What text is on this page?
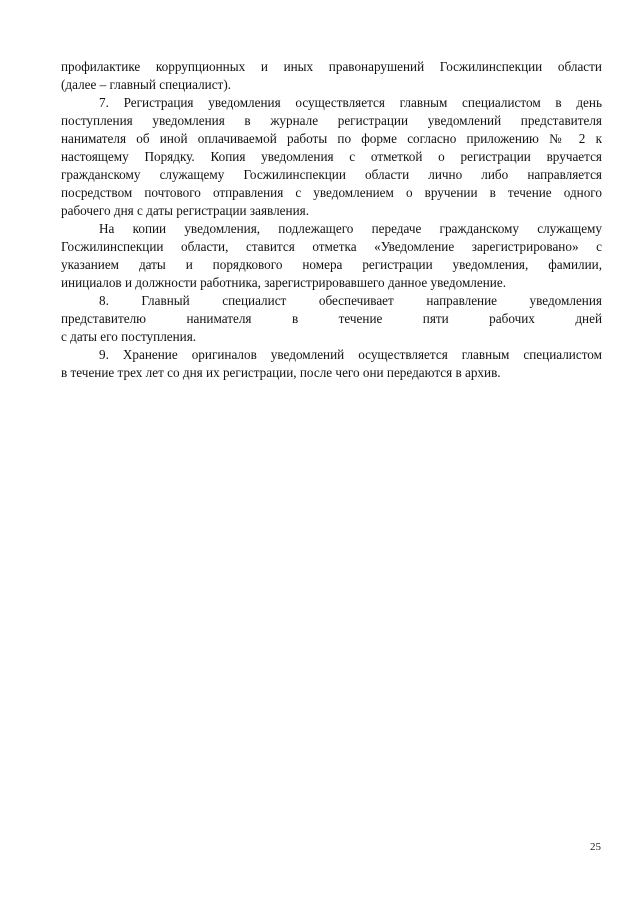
профилактике коррупционных и иных правонарушений Госжилинспекции области
(далее – главный специалист).

7. Регистрация уведомления осуществляется главным специалистом в день
поступления уведомления в журнале регистрации уведомлений представителя
нанимателя об иной оплачиваемой работы по форме согласно приложению № 2 к
настоящему Порядку. Копия уведомления с отметкой о регистрации вручается
гражданскому служащему Госжилинспекции области лично либо направляется
посредством почтового отправления с уведомлением о вручении в течение одного
рабочего дня с даты регистрации заявления.

На копии уведомления, подлежащего передаче гражданскому служащему
Госжилинспекции области, ставится отметка «Уведомление зарегистрировано» с
указанием даты и порядкового номера регистрации уведомления, фамилии,
инициалов и должности работника, зарегистрировавшего данное уведомление.

8. Главный специалист обеспечивает направление уведомления
представителю нанимателя в течение пяти рабочих дней
с даты его поступления.

9. Хранение оригиналов уведомлений осуществляется главным специалистом
в течение трех лет со дня их регистрации, после чего они передаются в архив.

25
